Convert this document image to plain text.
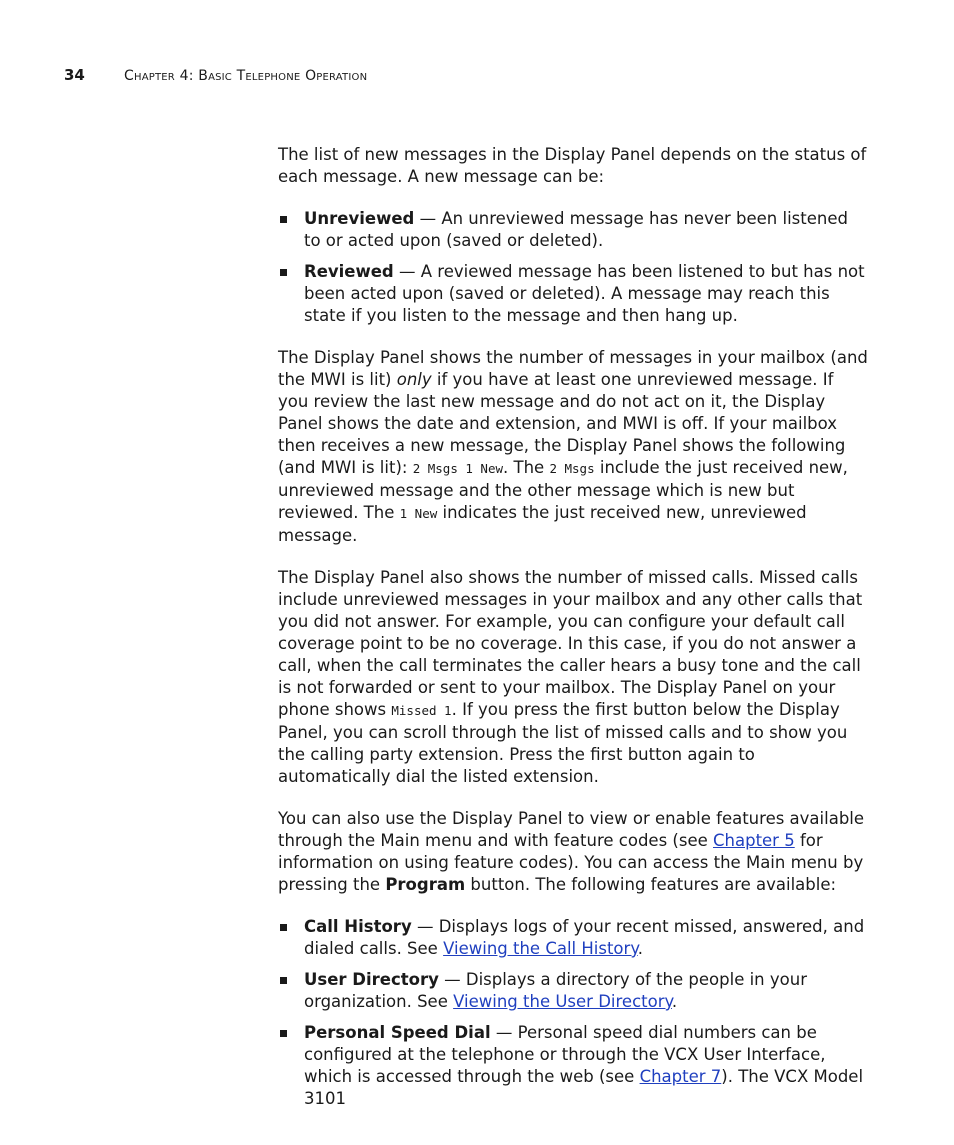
34	Chapter 4: Basic Telephone Operation

The list of new messages in the Display Panel depends on the status of each message. A new message can be:

Unreviewed — An unreviewed message has never been listened to or acted upon (saved or deleted).
Reviewed — A reviewed message has been listened to but has not been acted upon (saved or deleted). A message may reach this state if you listen to the message and then hang up.

The Display Panel shows the number of messages in your mailbox (and the MWI is lit) only if you have at least one unreviewed message. If you review the last new message and do not act on it, the Display Panel shows the date and extension, and MWI is off. If your mailbox then receives a new message, the Display Panel shows the following (and MWI is lit): 2 Msgs 1 New. The 2 Msgs include the just received new, unreviewed message and the other message which is new but reviewed. The 1 New indicates the just received new, unreviewed message.

The Display Panel also shows the number of missed calls. Missed calls include unreviewed messages in your mailbox and any other calls that you did not answer. For example, you can configure your default call coverage point to be no coverage. In this case, if you do not answer a call, when the call terminates the caller hears a busy tone and the call is not forwarded or sent to your mailbox. The Display Panel on your phone shows Missed 1. If you press the first button below the Display Panel, you can scroll through the list of missed calls and to show you the calling party extension. Press the first button again to automatically dial the listed extension.

You can also use the Display Panel to view or enable features available through the Main menu and with feature codes (see Chapter 5 for information on using feature codes). You can access the Main menu by pressing the Program button. The following features are available:

Call History — Displays logs of your recent missed, answered, and dialed calls. See Viewing the Call History.
User Directory — Displays a directory of the people in your organization. See Viewing the User Directory.
Personal Speed Dial — Personal speed dial numbers can be configured at the telephone or through the VCX User Interface, which is accessed through the web (see Chapter 7). The VCX Model 3101
